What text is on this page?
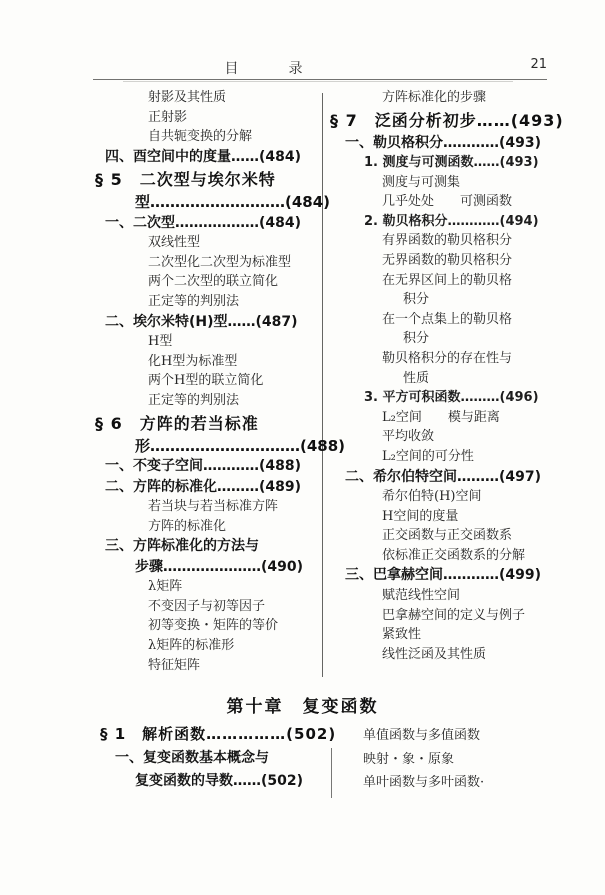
目　录	21
射影及其性质
正射影
自共轭变换的分解
四、酉空间中的度量……(484)
§ 5　二次型与埃尔米特
型………………………(484)
一、二次型………………(484)
双线性型
二次型化二次型为标准型
两个二次型的联立简化
正定等的判别法
二、埃尔米特(H)型……(487)
H型
化H型为标准型
两个H型的联立简化
正定等的判别法
§ 6　方阵的若当标准
形…………………………(488)
一、不变子空间…………(488)
二、方阵的标准化………(489)
若当块与若当标准方阵
方阵的标准化
三、方阵标准化的方法与
步骤…………………(490)
λ矩阵
不变因子与初等因子
初等变换・矩阵的等价
λ矩阵的标准形
特征矩阵
方阵标准化的步骤
§ 7　泛函分析初步……(493)
一、勒贝格积分…………(493)
1. 测度与可测函数……(493)
测度与可测集
几乎处处　　可测函数
2. 勒贝格积分…………(494)
有界函数的勒贝格积分
无界函数的勒贝格积分
在无界区间上的勒贝格
积分
在一个点集上的勒贝格
积分
勒贝格积分的存在性与
性质
3. 平方可积函数………(496)
L₂空间　　模与距离
平均收敛
L₂空间的可分性
二、希尔伯特空间………(497)
希尔伯特(H)空间
H空间的度量
正交函数与正交函数系
依标准正交函数系的分解
三、巴拿赫空间…………(499)
赋范线性空间
巴拿赫空间的定义与例子
紧致性
线性泛函及其性质
第十章　复变函数
§ 1　解析函数……………(502)
一、复变函数基本概念与
复变函数的导数……(502)
单值函数与多值函数
映射・象・原象
单叶函数与多叶函数·
